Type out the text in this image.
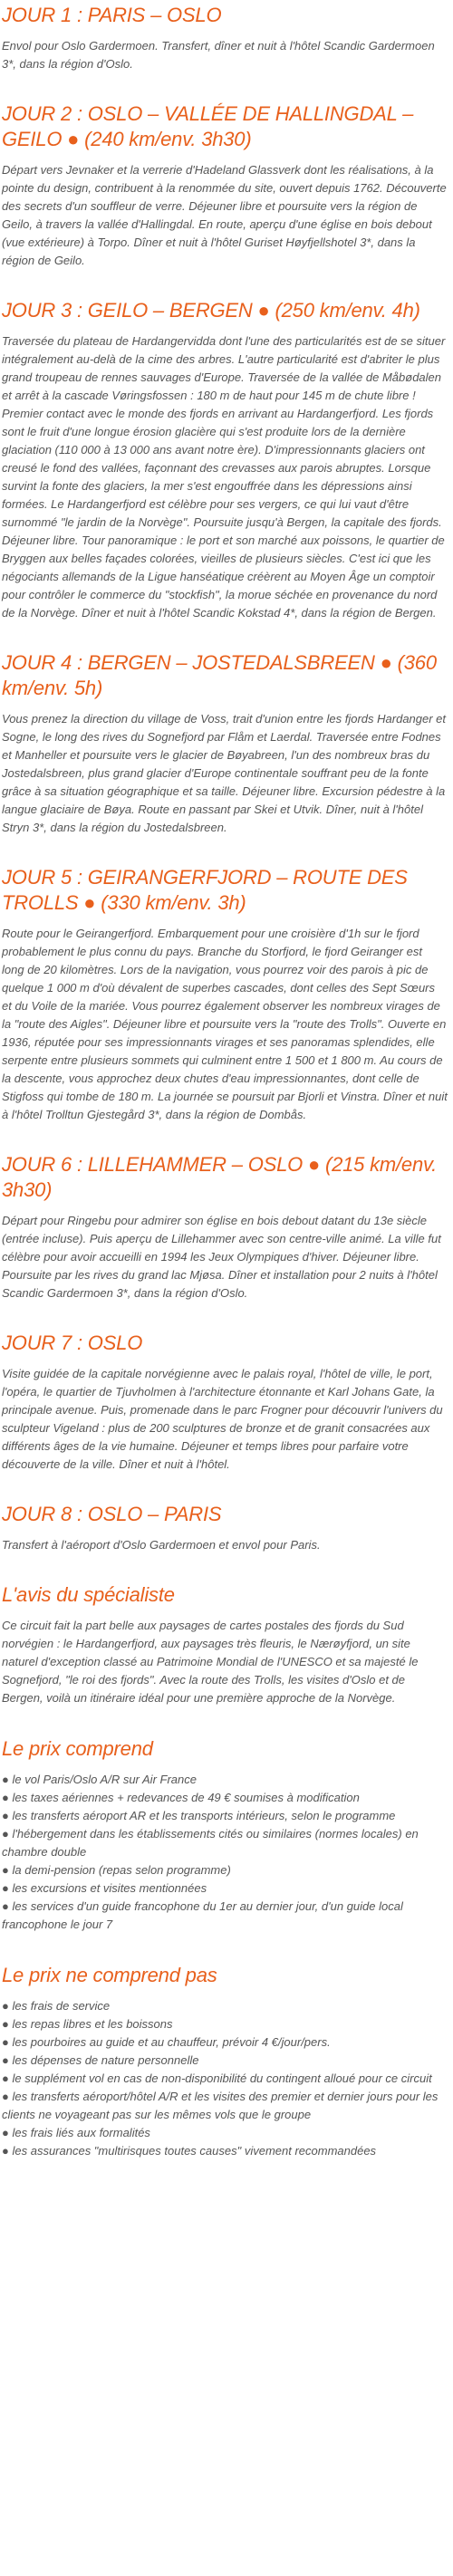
JOUR 1 : PARIS – OSLO

Envol pour Oslo Gardermoen. Transfert, dîner et nuit à l'hôtel Scandic Gardermoen 3*, dans la région d'Oslo.

JOUR 2 : OSLO – VALLÉE DE HALLINGDAL – GEILO ● (240 km/env. 3h30)

Départ vers Jevnaker et la verrerie d'Hadeland Glassverk dont les réalisations, à la pointe du design, contribuent à la renommée du site, ouvert depuis 1762. Découverte des secrets d'un souffleur de verre. Déjeuner libre et poursuite vers la région de Geilo, à travers la vallée d'Hallingdal. En route, aperçu d'une église en bois debout (vue extérieure) à Torpo. Dîner et nuit à l'hôtel Guriset Høyfjellshotel 3*, dans la région de Geilo.

JOUR 3 : GEILO – BERGEN ● (250 km/env. 4h)

Traversée du plateau de Hardangervidda dont l'une des particularités est de se situer intégralement au-delà de la cime des arbres. L'autre particularité est d'abriter le plus grand troupeau de rennes sauvages d'Europe. Traversée de la vallée de Måbødalen et arrêt à la cascade Vøringsfossen : 180 m de haut pour 145 m de chute libre ! Premier contact avec le monde des fjords en arrivant au Hardangerfjord. Les fjords sont le fruit d'une longue érosion glacière qui s'est produite lors de la dernière glaciation (110 000 à 13 000 ans avant notre ère). D'impressionnants glaciers ont creusé le fond des vallées, façonnant des crevasses aux parois abruptes. Lorsque survint la fonte des glaciers, la mer s'est engouffrée dans les dépressions ainsi formées. Le Hardangerfjord est célèbre pour ses vergers, ce qui lui vaut d'être surnommé "le jardin de la Norvège". Poursuite jusqu'à Bergen, la capitale des fjords. Déjeuner libre. Tour panoramique : le port et son marché aux poissons, le quartier de Bryggen aux belles façades colorées, vieilles de plusieurs siècles. C'est ici que les négociants allemands de la Ligue hanséatique créèrent au Moyen Âge un comptoir pour contrôler le commerce du "stockfish", la morue séchée en provenance du nord de la Norvège. Dîner et nuit à l'hôtel Scandic Kokstad 4*, dans la région de Bergen.

JOUR 4 : BERGEN – JOSTEDALSBREEN ● (360 km/env. 5h)

Vous prenez la direction du village de Voss, trait d'union entre les fjords Hardanger et Sogne, le long des rives du Sognefjord par Flåm et Laerdal. Traversée entre Fodnes et Manheller et poursuite vers le glacier de Bøyabreen, l'un des nombreux bras du Jostedalsbreen, plus grand glacier d'Europe continentale souffrant peu de la fonte grâce à sa situation géographique et sa taille. Déjeuner libre. Excursion pédestre à la langue glaciaire de Bøya. Route en passant par Skei et Utvik. Dîner, nuit à l'hôtel Stryn 3*, dans la région du Jostedalsbreen.

JOUR 5 : GEIRANGERFJORD – ROUTE DES TROLLS ● (330 km/env. 3h)

Route pour le Geirangerfjord. Embarquement pour une croisière d'1h sur le fjord probablement le plus connu du pays. Branche du Storfjord, le fjord Geiranger est long de 20 kilomètres. Lors de la navigation, vous pourrez voir des parois à pic de quelque 1 000 m d'où dévalent de superbes cascades, dont celles des Sept Sœurs et du Voile de la mariée. Vous pourrez également observer les nombreux virages de la "route des Aigles". Déjeuner libre et poursuite vers la "route des Trolls". Ouverte en 1936, réputée pour ses impressionnants virages et ses panoramas splendides, elle serpente entre plusieurs sommets qui culminent entre 1 500 et 1 800 m. Au cours de la descente, vous approchez deux chutes d'eau impressionnantes, dont celle de Stigfoss qui tombe de 180 m. La journée se poursuit par Bjorli et Vinstra. Dîner et nuit à l'hôtel Trolltun Gjestegård 3*, dans la région de Dombås.

JOUR 6 : LILLEHAMMER – OSLO ● (215 km/env. 3h30)

Départ pour Ringebu pour admirer son église en bois debout datant du 13e siècle (entrée incluse). Puis aperçu de Lillehammer avec son centre-ville animé. La ville fut célèbre pour avoir accueilli en 1994 les Jeux Olympiques d'hiver. Déjeuner libre. Poursuite par les rives du grand lac Mjøsa. Dîner et installation pour 2 nuits à l'hôtel Scandic Gardermoen 3*, dans la région d'Oslo.

JOUR 7 : OSLO

Visite guidée de la capitale norvégienne avec le palais royal, l'hôtel de ville, le port, l'opéra, le quartier de Tjuvholmen à l'architecture étonnante et Karl Johans Gate, la principale avenue. Puis, promenade dans le parc Frogner pour découvrir l'univers du sculpteur Vigeland : plus de 200 sculptures de bronze et de granit consacrées aux différents âges de la vie humaine. Déjeuner et temps libres pour parfaire votre découverte de la ville. Dîner et nuit à l'hôtel.

JOUR 8 : OSLO – PARIS

Transfert à l'aéroport d'Oslo Gardermoen et envol pour Paris.

L'avis du spécialiste

Ce circuit fait la part belle aux paysages de cartes postales des fjords du Sud norvégien : le Hardangerfjord, aux paysages très fleuris, le Nærøyfjord, un site naturel d'exception classé au Patrimoine Mondial de l'UNESCO et sa majesté le Sognefjord, "le roi des fjords". Avec la route des Trolls, les visites d'Oslo et de Bergen, voilà un itinéraire idéal pour une première approche de la Norvège.

Le prix comprend
● le vol Paris/Oslo A/R sur Air France
● les taxes aériennes + redevances de 49 € soumises à modification
● les transferts aéroport AR et les transports intérieurs, selon le programme
● l'hébergement dans les établissements cités ou similaires (normes locales) en chambre double
● la demi-pension (repas selon programme)
● les excursions et visites mentionnées
● les services d'un guide francophone du 1er au dernier jour, d'un guide local francophone le jour 7
Le prix ne comprend pas
● les frais de service
● les repas libres et les boissons
● les pourboires au guide et au chauffeur, prévoir 4 €/jour/pers.
● les dépenses de nature personnelle
● le supplément vol en cas de non-disponibilité du contingent alloué pour ce circuit
● les transferts aéroport/hôtel A/R et les visites des premier et dernier jours pour les clients ne voyageant pas sur les mêmes vols que le groupe
● les frais liés aux formalités
● les assurances "multirisques toutes causes" vivement recommandées
